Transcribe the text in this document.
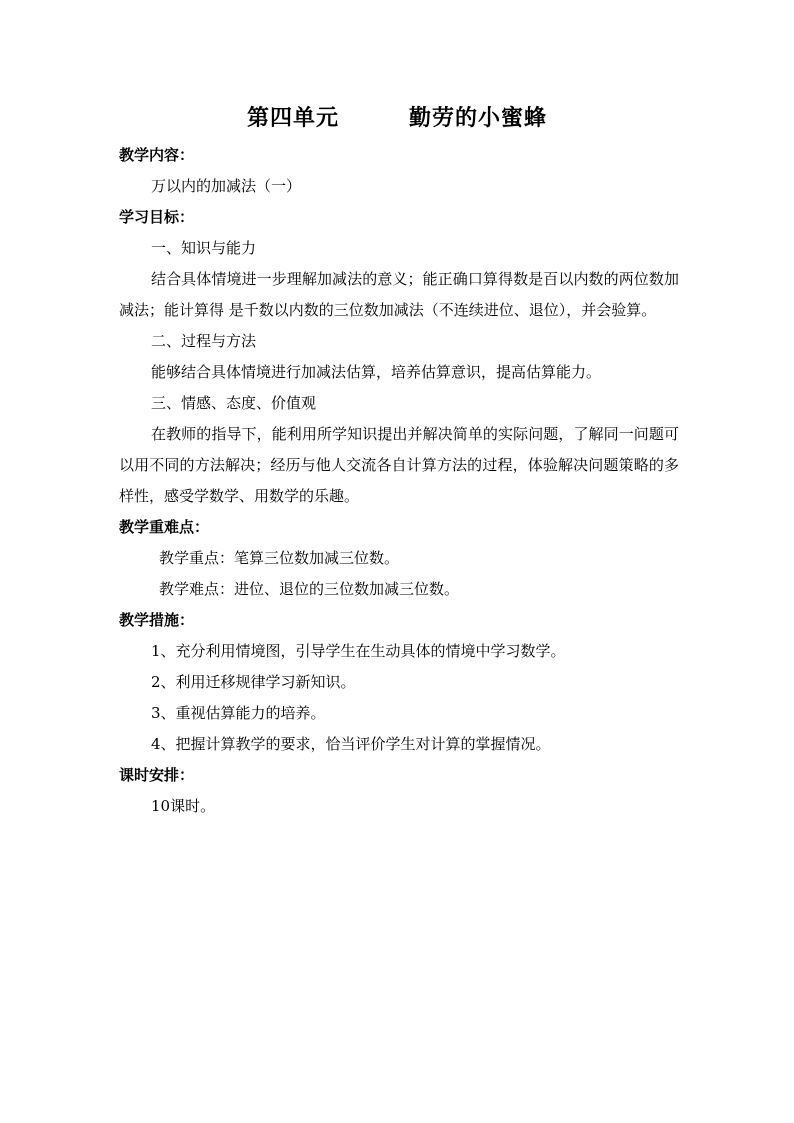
第四单元	勤劳的小蜜蜂
教学内容：
万以内的加减法（一）
学习目标：
一、知识与能力
结合具体情境进一步理解加减法的意义；能正确口算得数是百以内数的两位数加减法；能计算得 是千数以内数的三位数加减法（不连续进位、退位），并会验算。
二、过程与方法
能够结合具体情境进行加减法估算，培养估算意识，提高估算能力。
三、情感、态度、价值观
在教师的指导下，能利用所学知识提出并解决简单的实际问题，了解同一问题可以用不同的方法解决；经历与他人交流各自计算方法的过程，体验解决问题策略的多样性，感受学数学、用数学的乐趣。
教学重难点：
教学重点：笔算三位数加减三位数。
教学难点：进位、退位的三位数加减三位数。
教学措施：
1、充分利用情境图，引导学生在生动具体的情境中学习数学。
2、利用迁移规律学习新知识。
3、重视估算能力的培养。
4、把握计算教学的要求，恰当评价学生对计算的掌握情况。
课时安排：
10课时。
